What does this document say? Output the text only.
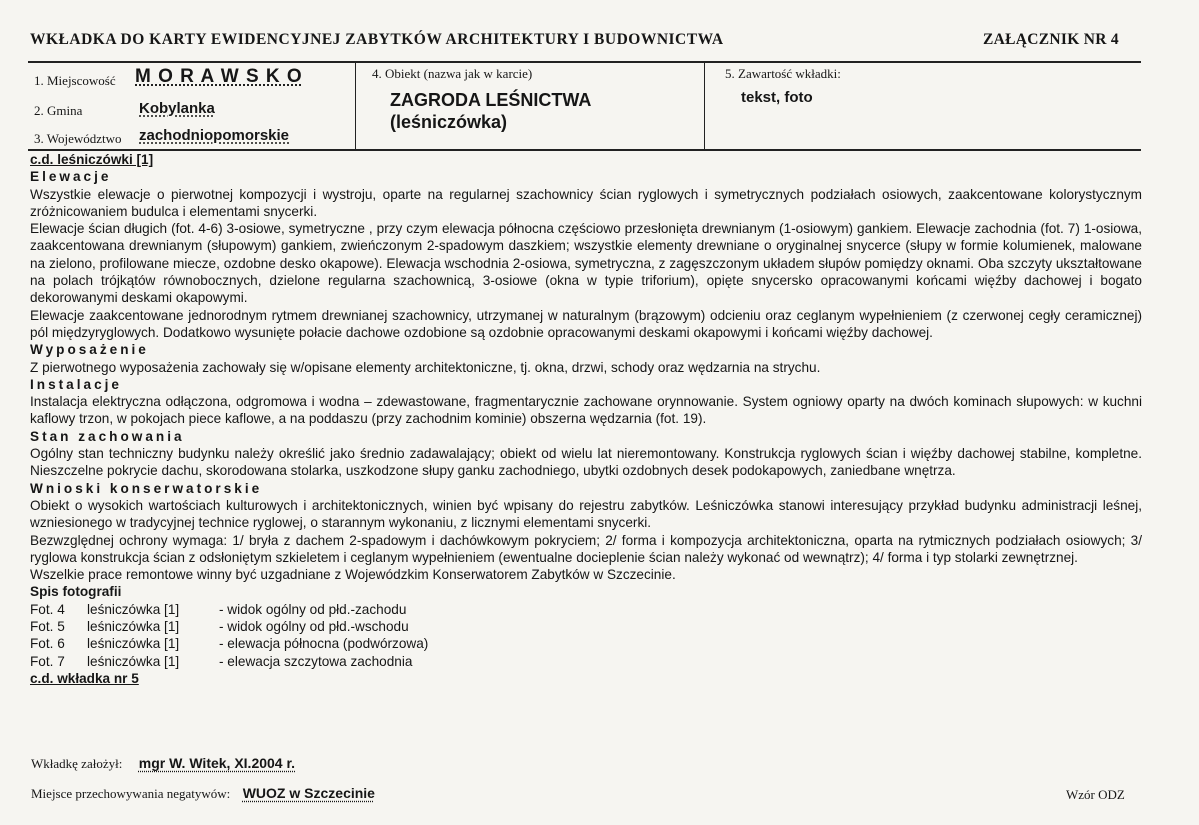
WKŁADKA DO KARTY EWIDENCYJNEJ ZABYTKÓW ARCHITEKTURY I BUDOWNICTWA	ZAŁĄCZNIK NR 4
1. Miejscowość M O R A W S K O
2. Gmina	Kobylanka
3. Województwo zachodniopomorskie
4. Obiekt (nazwa jak w karcie)
ZAGRODA LEŚNICTWA
(leśniczówka)
5. Zawartość wkładki:
tekst, foto

c.d. leśniczówki [1]

Elewacje

Wszystkie elewacje o pierwotnej kompozycji i wystroju, oparte na regularnej szachownicy ścian ryglowych i symetrycznych podziałach osiowych, zaakcentowane kolorystycznym zróżnicowaniem budulca i elementami snycerki.

Elewacje ścian długich (fot. 4-6) 3-osiowe, symetryczne , przy czym elewacja północna częściowo przesłonięta drewnianym (1-osiowym) gankiem. Elewacje zachodnia (fot. 7) 1-osiowa, zaakcentowana drewnianym (słupowym) gankiem, zwieńczonym 2-spadowym daszkiem; wszystkie elementy drewniane o oryginalnej snycerce (słupy w formie kolumienek, malowane na zielono, profilowane miecze, ozdobne desko okapowe). Elewacja wschodnia 2-osiowa, symetryczna, z zagęszczonym układem słupów pomiędzy oknami. Oba szczyty ukształtowane na polach trójkątów równobocznych, dzielone regularna szachownicą, 3-osiowe (okna w typie triforium), opięte snycersko opracowanymi końcami więźby dachowej i bogato dekorowanymi deskami okapowymi.

Elewacje zaakcentowane jednorodnym rytmem drewnianej szachownicy, utrzymanej w naturalnym (brązowym) odcieniu oraz ceglanym wypełnieniem (z czerwonej cegły ceramicznej) pól międzyryglowych. Dodatkowo wysunięte połacie dachowe ozdobione są ozdobnie opracowanymi deskami okapowymi i końcami więźby dachowej.

Wyposażenie

Z pierwotnego wyposażenia zachowały się w/opisane elementy architektoniczne, tj. okna, drzwi, schody oraz wędzarnia na strychu.

Instalacje

Instalacja elektryczna odłączona, odgromowa i wodna – zdewastowane, fragmentarycznie zachowane orynnowanie. System ogniowy oparty na dwóch kominach słupowych: w kuchni kaflowy trzon, w pokojach piece kaflowe, a na poddaszu (przy zachodnim kominie) obszerna wędzarnia (fot. 19).

Stan zachowania

Ogólny stan techniczny budynku należy określić jako średnio zadawalający; obiekt od wielu lat nieremontowany. Konstrukcja ryglowych ścian i więźby dachowej stabilne, kompletne. Nieszczelne pokrycie dachu, skorodowana stolarka, uszkodzone słupy ganku zachodniego, ubytki ozdobnych desek podokapowych, zaniedbane wnętrza.

Wnioski konserwatorskie

Obiekt o wysokich wartościach kulturowych i architektonicznych, winien być wpisany do rejestru zabytków. Leśniczówka stanowi interesujący przykład budynku administracji leśnej, wzniesionego w tradycyjnej technice ryglowej, o starannym wykonaniu, z licznymi elementami snycerki.

Bezwzględnej ochrony wymaga: 1/ bryła z dachem 2-spadowym i dachówkowym pokryciem; 2/ forma i kompozycja architektoniczna, oparta na rytmicznych podziałach osiowych; 3/ ryglowa konstrukcja ścian z odsłoniętym szkieletem i ceglanym wypełnieniem (ewentualne docieplenie ścian należy wykonać od wewnątrz); 4/ forma i typ stolarki zewnętrznej.

Wszelkie prace remontowe winny być uzgadniane z Wojewódzkim Konserwatorem Zabytków w Szczecinie.

Spis fotografii

Fot. 4	leśniczówka [1]	- widok ogólny od płd.-zachodu
Fot. 5	leśniczówka [1]	- widok ogólny od płd.-wschodu
Fot. 6	leśniczówka [1]	- elewacja północna (podwórzowa)
Fot. 7	leśniczówka [1]	- elewacja szczytowa zachodnia

c.d. wkładka nr 5

Wkładkę założył: mgr W. Witek, XI.2004 r.
Miejsce przechowywania negatywów: WUOZ w Szczecinie	Wzór ODZ
